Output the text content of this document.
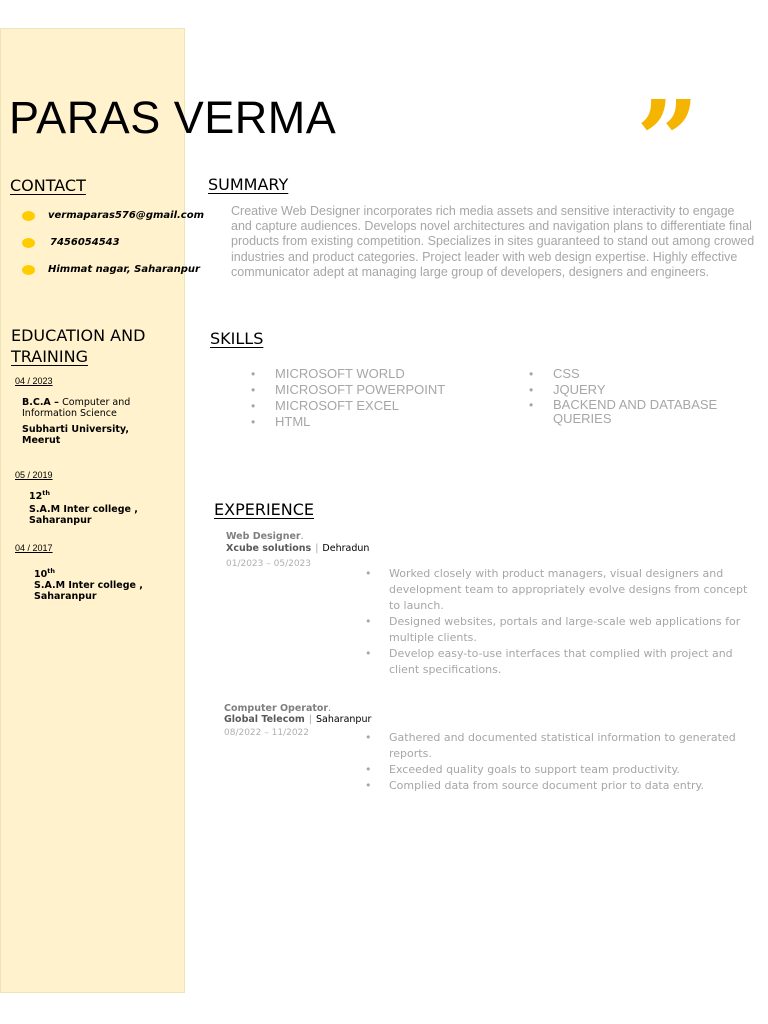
PARAS VERMA	”
CONTACT
vermaparas576@gmail.com
7456054543
Himmat nagar, Saharanpur
EDUCATION AND
TRAINING
04 / 2023
B.C.A – Computer and Information Science
Subharti University, Meerut
05 / 2019
12th
S.A.M Inter college , Saharanpur
04 / 2017
10th
S.A.M Inter college , Saharanpur
SUMMARY

Creative Web Designer incorporates rich media assets and sensitive interactivity to engage and capture audiences. Develops novel architectures and navigation plans to differentiate final products from existing competition. Specializes in sites guaranteed to stand out among crowed industries and product categories. Project leader with web design expertise. Highly effective communicator adept at managing large group of developers, designers and engineers.

SKILLS
• MICROSOFT WORLD
• MICROSOFT POWERPOINT
• MICROSOFT EXCEL
• HTML
• CSS
• JQUERY
• BACKEND AND DATABASE QUERIES
EXPERIENCE
Web Designer.
Xcube solutions | Dehradun
01/2023 – 05/2023
• Worked closely with product managers, visual designers and development team to appropriately evolve designs from concept to launch.
• Designed websites, portals and large-scale web applications for multiple clients.
• Develop easy-to-use interfaces that complied with project and client specifications.
Computer Operator.
Global Telecom | Saharanpur
08/2022 – 11/2022
•	Gathered and documented statistical information to generated reports.
• Exceeded quality goals to support team productivity.
• Complied data from source document prior to data entry.
